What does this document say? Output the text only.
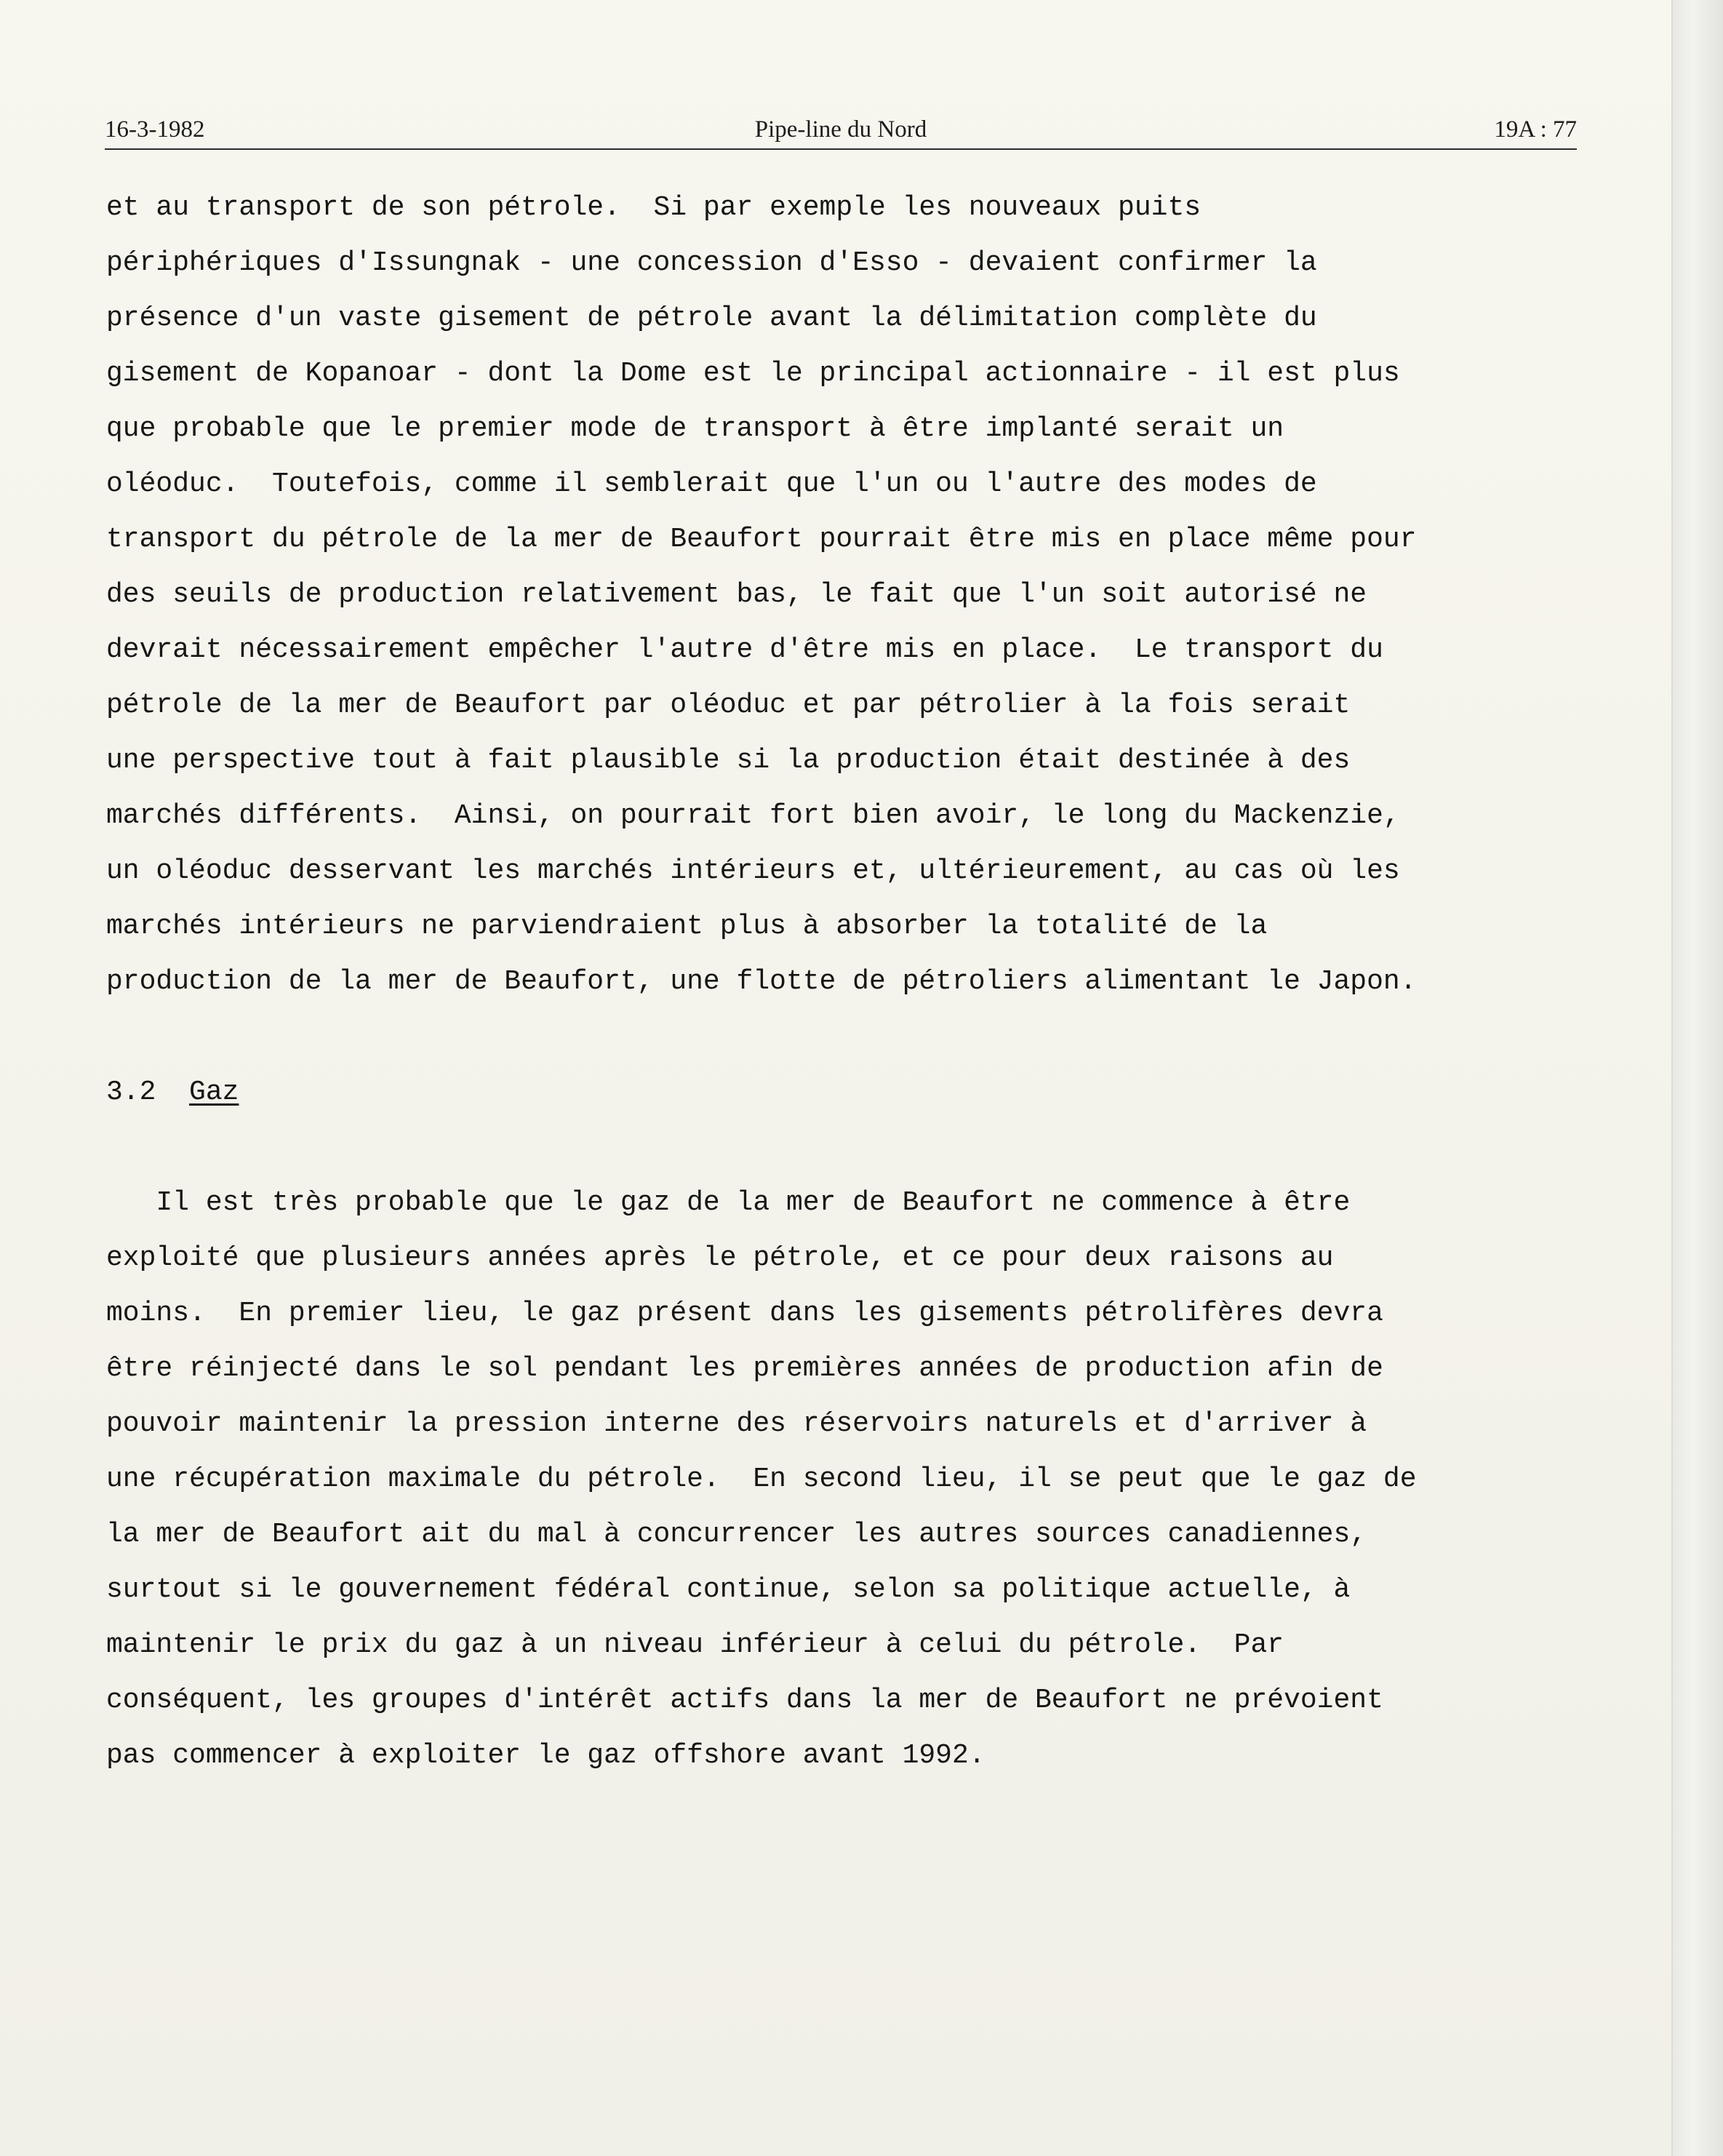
16-3-1982	Pipe-line du Nord	19A : 77
et au transport de son pétrole.  Si par exemple les nouveaux puits
périphériques d'Issungnak - une concession d'Esso - devaient confirmer la
présence d'un vaste gisement de pétrole avant la délimitation complète du
gisement de Kopanoar - dont la Dome est le principal actionnaire - il est plus
que probable que le premier mode de transport à être implanté serait un
oléoduc.  Toutefois, comme il semblerait que l'un ou l'autre des modes de
transport du pétrole de la mer de Beaufort pourrait être mis en place même pour
des seuils de production relativement bas, le fait que l'un soit autorisé ne
devrait nécessairement empêcher l'autre d'être mis en place.  Le transport du
pétrole de la mer de Beaufort par oléoduc et par pétrolier à la fois serait
une perspective tout à fait plausible si la production était destinée à des
marchés différents.  Ainsi, on pourrait fort bien avoir, le long du Mackenzie,
un oléoduc desservant les marchés intérieurs et, ultérieurement, au cas où les
marchés intérieurs ne parviendraient plus à absorber la totalité de la
production de la mer de Beaufort, une flotte de pétroliers alimentant le Japon.
3.2 Gaz
Il est très probable que le gaz de la mer de Beaufort ne commence à être
exploité que plusieurs années après le pétrole, et ce pour deux raisons au
moins.  En premier lieu, le gaz présent dans les gisements pétrolifères devra
être réinjecté dans le sol pendant les premières années de production afin de
pouvoir maintenir la pression interne des réservoirs naturels et d'arriver à
une récupération maximale du pétrole.  En second lieu, il se peut que le gaz de
la mer de Beaufort ait du mal à concurrencer les autres sources canadiennes,
surtout si le gouvernement fédéral continue, selon sa politique actuelle, à
maintenir le prix du gaz à un niveau inférieur à celui du pétrole.  Par
conséquent, les groupes d'intérêt actifs dans la mer de Beaufort ne prévoient
pas commencer à exploiter le gaz offshore avant 1992.
